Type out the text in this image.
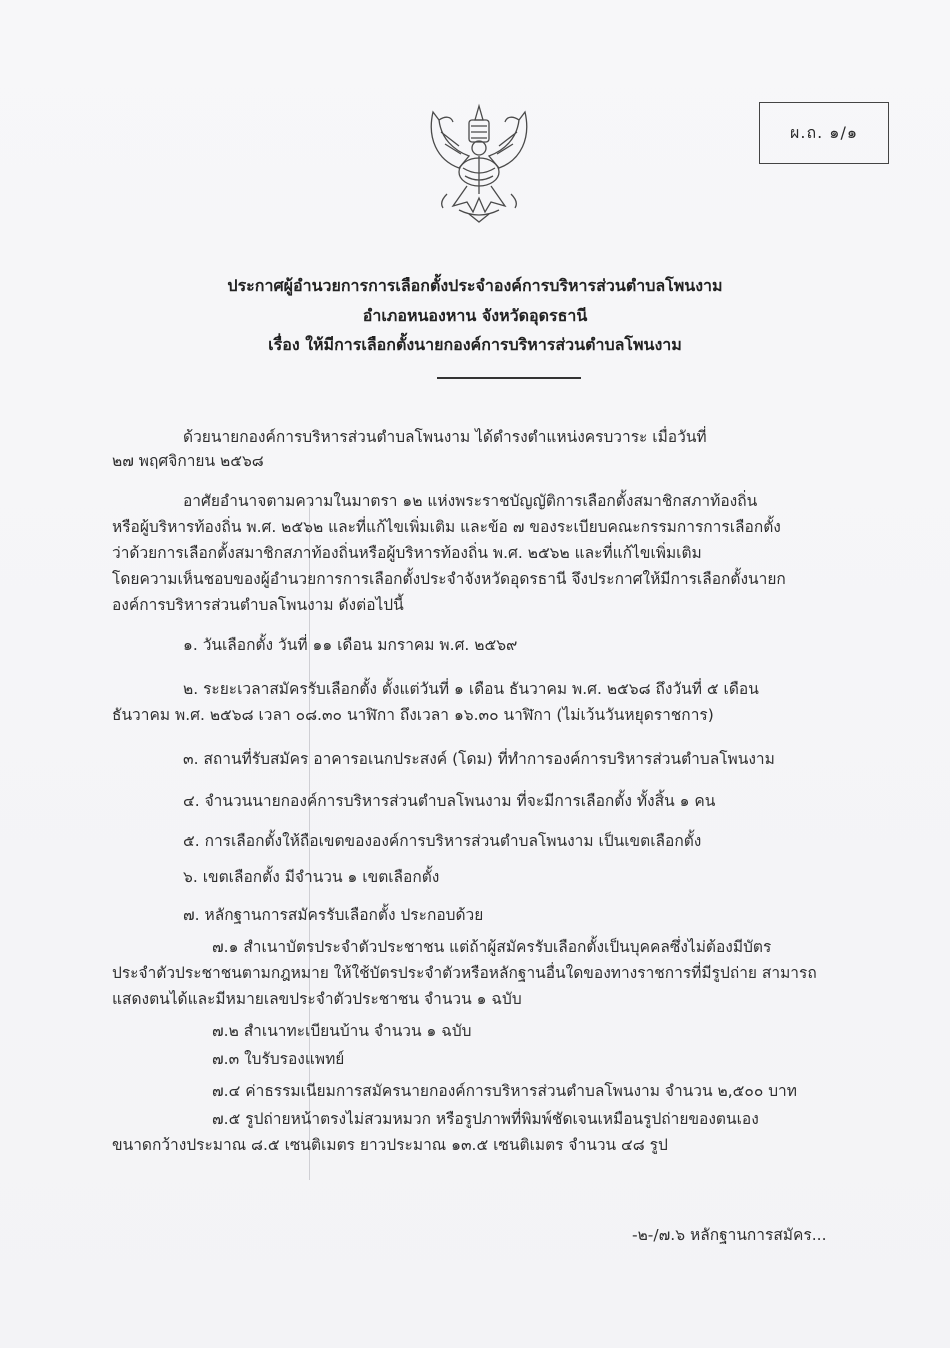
ผ.ถ. ๑/๑
ประกาศผู้อำนวยการการเลือกตั้งประจำองค์การบริหารส่วนตำบลโพนงาม
อำเภอหนองหาน จังหวัดอุดรธานี
เรื่อง ให้มีการเลือกตั้งนายกองค์การบริหารส่วนตำบลโพนงาม
ด้วยนายกองค์การบริหารส่วนตำบลโพนงาม ได้ดำรงตำแหน่งครบวาระ เมื่อวันที่
๒๗ พฤศจิกายน ๒๕๖๘
อาศัยอำนาจตามความในมาตรา ๑๒ แห่งพระราชบัญญัติการเลือกตั้งสมาชิกสภาท้องถิ่น
หรือผู้บริหารท้องถิ่น พ.ศ. ๒๕๖๒ และที่แก้ไขเพิ่มเติม และข้อ ๗ ของระเบียบคณะกรรมการการเลือกตั้ง
ว่าด้วยการเลือกตั้งสมาชิกสภาท้องถิ่นหรือผู้บริหารท้องถิ่น พ.ศ. ๒๕๖๒ และที่แก้ไขเพิ่มเติม
โดยความเห็นชอบของผู้อำนวยการการเลือกตั้งประจำจังหวัดอุดรธานี จึงประกาศให้มีการเลือกตั้งนายก
องค์การบริหารส่วนตำบลโพนงาม ดังต่อไปนี้
๑. วันเลือกตั้ง วันที่ ๑๑ เดือน มกราคม พ.ศ. ๒๕๖๙
๒. ระยะเวลาสมัครรับเลือกตั้ง ตั้งแต่วันที่ ๑ เดือน ธันวาคม พ.ศ. ๒๕๖๘ ถึงวันที่ ๕ เดือน
ธันวาคม พ.ศ. ๒๕๖๘ เวลา ๐๘.๓๐ นาฬิกา ถึงเวลา ๑๖.๓๐ นาฬิกา (ไม่เว้นวันหยุดราชการ)
๓. สถานที่รับสมัคร อาคารอเนกประสงค์ (โดม) ที่ทำการองค์การบริหารส่วนตำบลโพนงาม
๔. จำนวนนายกองค์การบริหารส่วนตำบลโพนงาม ที่จะมีการเลือกตั้ง ทั้งสิ้น ๑ คน
๕. การเลือกตั้งให้ถือเขตขององค์การบริหารส่วนตำบลโพนงาม เป็นเขตเลือกตั้ง
๖. เขตเลือกตั้ง มีจำนวน ๑ เขตเลือกตั้ง
๗. หลักฐานการสมัครรับเลือกตั้ง ประกอบด้วย
๗.๑ สำเนาบัตรประจำตัวประชาชน แต่ถ้าผู้สมัครรับเลือกตั้งเป็นบุคคลซึ่งไม่ต้องมีบัตร
ประจำตัวประชาชนตามกฎหมาย ให้ใช้บัตรประจำตัวหรือหลักฐานอื่นใดของทางราชการที่มีรูปถ่าย สามารถ
แสดงตนได้และมีหมายเลขประจำตัวประชาชน จำนวน ๑ ฉบับ
๗.๒ สำเนาทะเบียนบ้าน จำนวน ๑ ฉบับ
๗.๓ ใบรับรองแพทย์
๗.๔ ค่าธรรมเนียมการสมัครนายกองค์การบริหารส่วนตำบลโพนงาม จำนวน ๒,๕๐๐ บาท
๗.๕ รูปถ่ายหน้าตรงไม่สวมหมวก หรือรูปภาพที่พิมพ์ชัดเจนเหมือนรูปถ่ายของตนเอง
ขนาดกว้างประมาณ ๘.๕ เซนติเมตร ยาวประมาณ ๑๓.๕ เซนติเมตร จำนวน ๔๘ รูป
-๒-/๗.๖ หลักฐานการสมัคร...
